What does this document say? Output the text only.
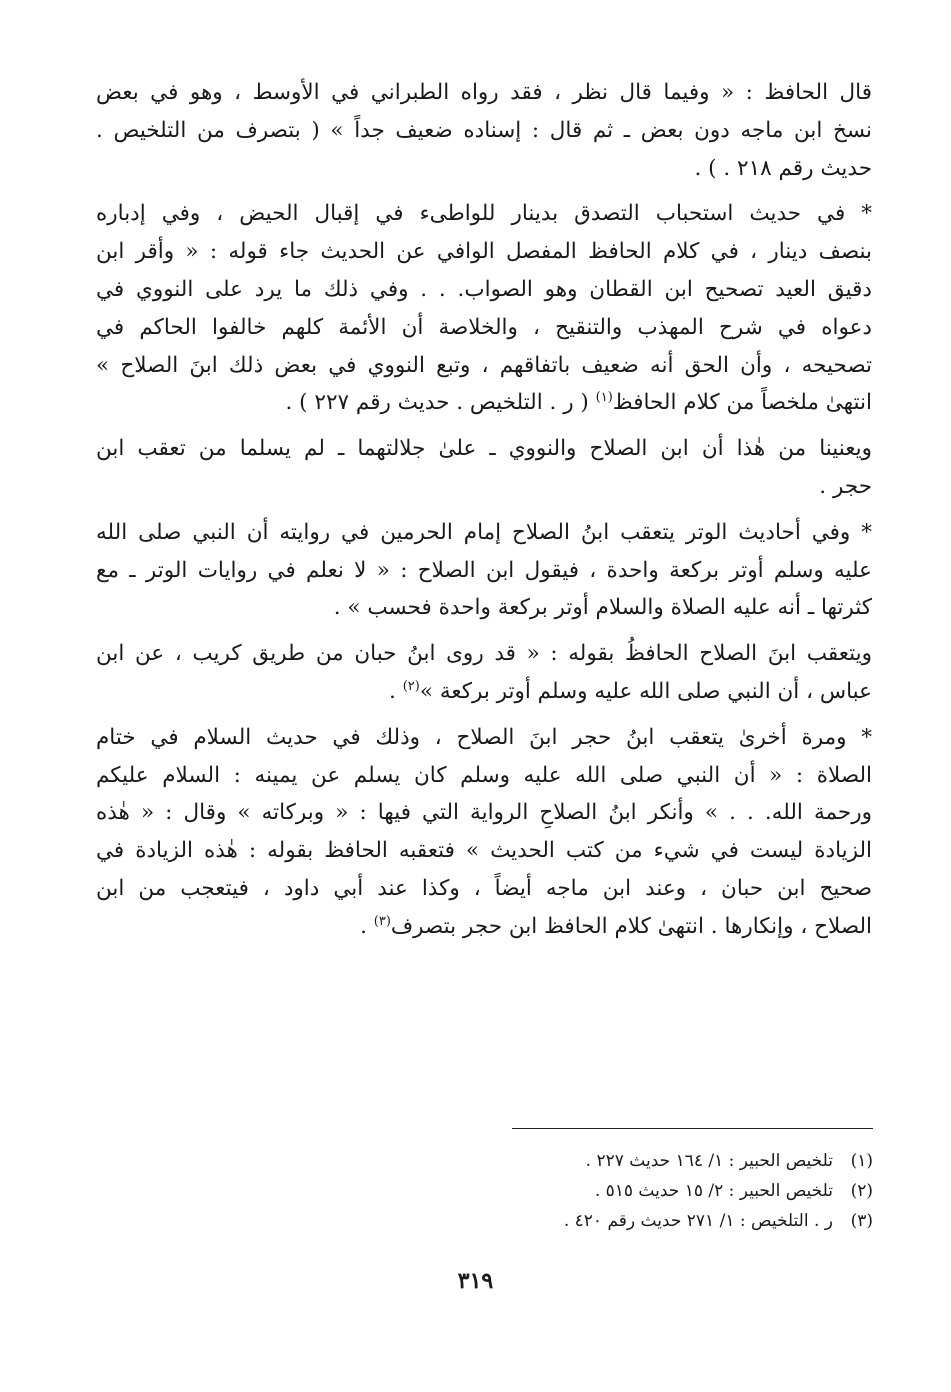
قال الحافظ : « وفيما قال نظر ، فقد رواه الطبراني في الأوسط ، وهو في بعض
نسخ ابن ماجه دون بعض ـ ثم قال : إسناده ضعيف جداً » ( بتصرف من التلخيص .
حديث رقم ٢١٨ . ) .

* في حديث استحباب التصدق بدينار للواطىء في إقبال الحيض ، وفي إدباره
بنصف دينار ، في كلام الحافظ المفصل الوافي عن الحديث جاء قوله : « وأقر ابن
دقيق العيد تصحيح ابن القطان وهو الصواب. . . وفي ذلك ما يرد على النووي في
دعواه في شرح المهذب والتنقيح ، والخلاصة أن الأئمة كلهم خالفوا الحاكم في
تصحيحه ، وأن الحق أنه ضعيف باتفاقهم ، وتبع النووي في بعض ذلك ابنَ الصلاح »
انتهىٰ ملخصاً من كلام الحافظ$^{(١)}$ ( ر . التلخيص . حديث رقم ٢٢٧ ) .

ويعنينا من هٰذا أن ابن الصلاح والنووي ـ علىٰ جلالتهما ـ لم يسلما من تعقب ابن
حجر .

* وفي أحاديث الوتر يتعقب ابنُ الصلاح إمام الحرمين في روايته أن النبي صلى الله
عليه وسلم أوتر بركعة واحدة ، فيقول ابن الصلاح : « لا نعلم في روايات الوتر ـ مع
كثرتها ـ أنه عليه الصلاة والسلام أوتر بركعة واحدة فحسب » .

ويتعقب ابنَ الصلاح الحافظُ بقوله : « قد روى ابنُ حبان من طريق كريب ، عن ابن
عباس ، أن النبي صلى الله عليه وسلم أوتر بركعة »$^{(٢)}$ .

* ومرة أخرىٰ يتعقب ابنُ حجر ابنَ الصلاح ، وذلك في حديث السلام في ختام
الصلاة : « أن النبي صلى الله عليه وسلم كان يسلم عن يمينه : السلام عليكم
ورحمة الله. . . » وأنكر ابنُ الصلاحِ الرواية التي فيها : « وبركاته » وقال : « هٰذه
الزيادة ليست في شيء من كتب الحديث » فتعقبه الحافظ بقوله : هٰذه الزيادة في
صحيح ابن حبان ، وعند ابن ماجه أيضاً ، وكذا عند أبي داود ، فيتعجب من ابن
الصلاح ، وإنكارها . انتهىٰ كلام الحافظ ابن حجر بتصرف$^{(٣)}$ .

(١)تلخيص الحبير : ١/ ١٦٤ حديث ٢٢٧ .
(٢)تلخيص الحبير : ٢/ ١٥ حديث ٥١٥ .
(٣)ر . التلخيص : ١/ ٢٧١ حديث رقم ٤٢٠ .
٣١٩
